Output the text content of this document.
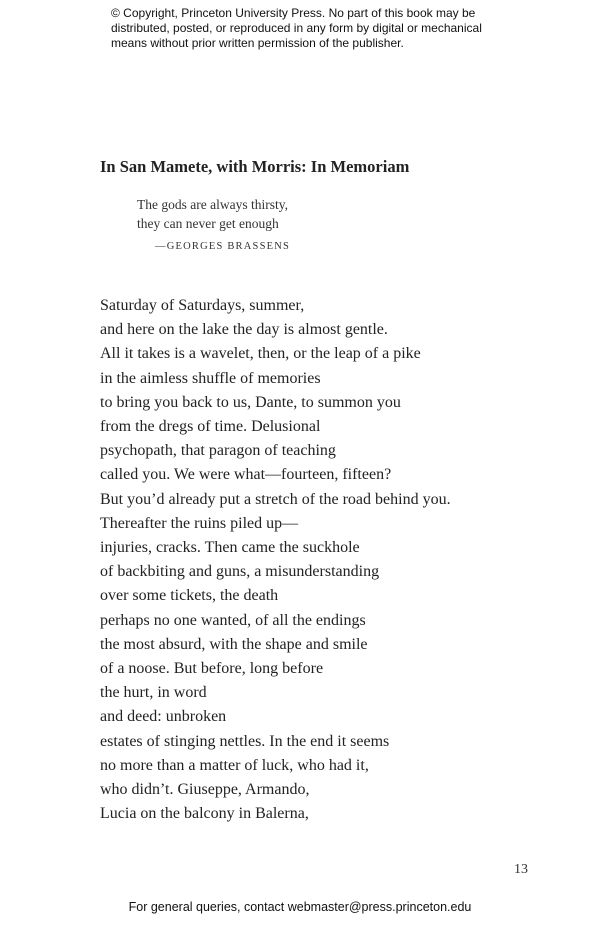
© Copyright, Princeton University Press. No part of this book may be
distributed, posted, or reproduced in any form by digital or mechanical
means without prior written permission of the publisher.
In San Mamete, with Morris: In Memoriam
The gods are always thirsty,
they can never get enough
—GEORGES BRASSENS
Saturday of Saturdays, summer,
and here on the lake the day is almost gentle.
All it takes is a wavelet, then, or the leap of a pike
in the aimless shuffle of memories
to bring you back to us, Dante, to summon you
from the dregs of time. Delusional
psychopath, that paragon of teaching
called you. We were what—fourteen, fifteen?
But you’d already put a stretch of the road behind you.
Thereafter the ruins piled up—
injuries, cracks. Then came the suckhole
of backbiting and guns, a misunderstanding
over some tickets, the death
perhaps no one wanted, of all the endings
the most absurd, with the shape and smile
of a noose. But before, long before
the hurt, in word
and deed: unbroken
estates of stinging nettles. In the end it seems
no more than a matter of luck, who had it,
who didn’t. Giuseppe, Armando,
Lucia on the balcony in Balerna,
13
For general queries, contact webmaster@press.princeton.edu
